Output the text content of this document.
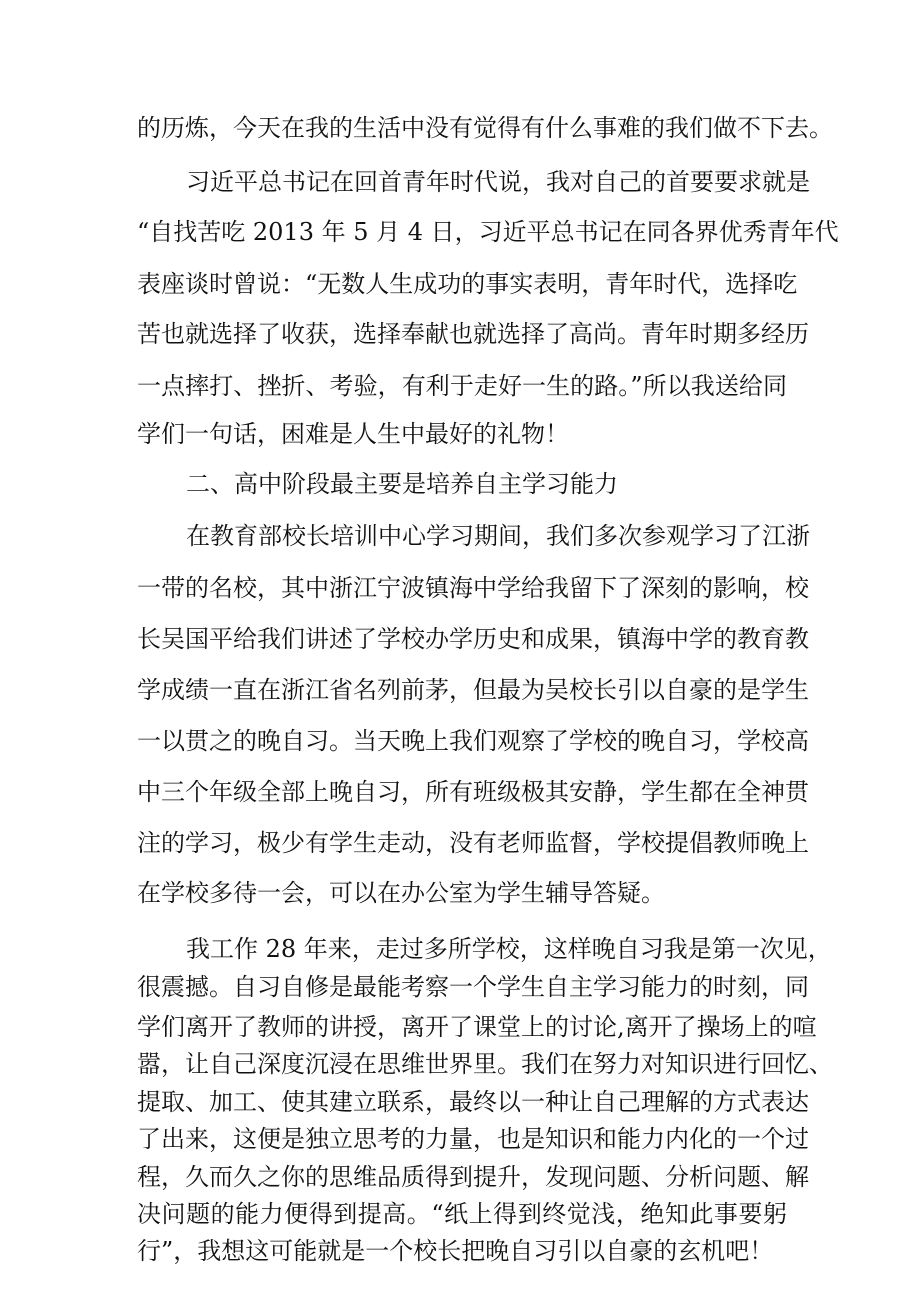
的历炼，今天在我的生活中没有觉得有什么事难的我们做不下去。
习近平总书记在回首青年时代说，我对自己的首要要求就是
“自找苦吃 2013 年 5 月 4 日，习近平总书记在同各界优秀青年代
表座谈时曾说：“无数人生成功的事实表明，青年时代，选择吃
苦也就选择了收获，选择奉献也就选择了高尚。青年时期多经历
一点摔打、挫折、考验，有利于走好一生的路。”所以我送给同
学们一句话，困难是人生中最好的礼物！
二、高中阶段最主要是培养自主学习能力
在教育部校长培训中心学习期间，我们多次参观学习了江浙
一带的名校，其中浙江宁波镇海中学给我留下了深刻的影响，校
长吴国平给我们讲述了学校办学历史和成果，镇海中学的教育教
学成绩一直在浙江省名列前茅，但最为吴校长引以自豪的是学生
一以贯之的晚自习。当天晚上我们观察了学校的晚自习，学校高
中三个年级全部上晚自习，所有班级极其安静，学生都在全神贯
注的学习，极少有学生走动，没有老师监督，学校提倡教师晚上
在学校多待一会，可以在办公室为学生辅导答疑。
我工作 28 年来，走过多所学校，这样晚自习我是第一次见，
很震撼。自习自修是最能考察一个学生自主学习能力的时刻，同
学们离开了教师的讲授，离开了课堂上的讨论,离开了操场上的喧
嚣，让自己深度沉浸在思维世界里。我们在努力对知识进行回忆、
提取、加工、使其建立联系，最终以一种让自己理解的方式表达
了出来，这便是独立思考的力量，也是知识和能力内化的一个过
程，久而久之你的思维品质得到提升，发现问题、分析问题、解
决问题的能力便得到提高。“纸上得到终觉浅，绝知此事要躬
行”，我想这可能就是一个校长把晚自习引以自豪的玄机吧！
